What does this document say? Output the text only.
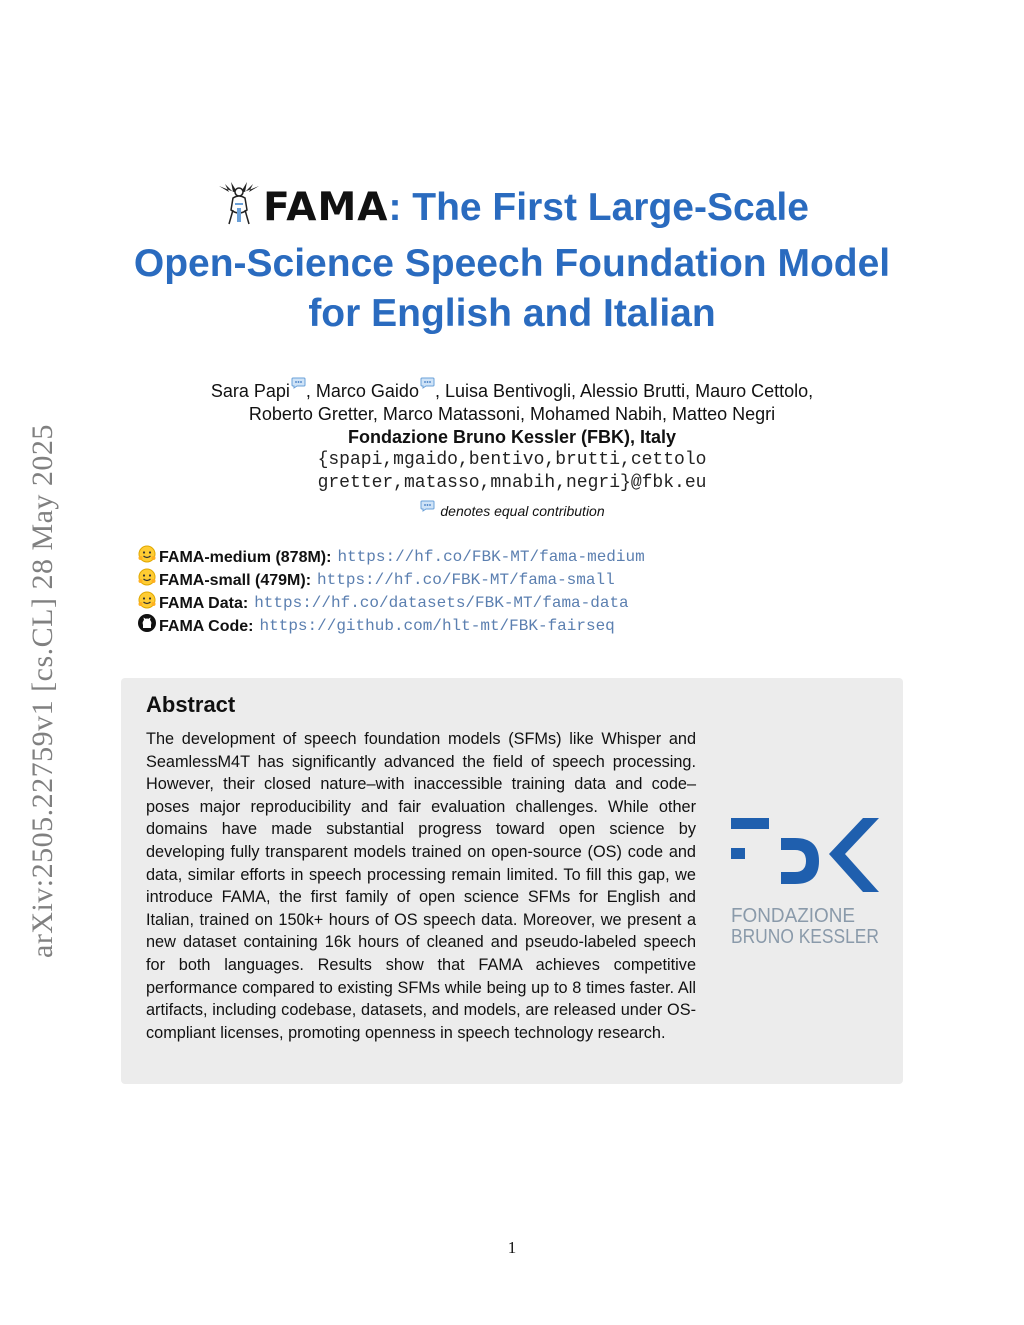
arXiv:2505.22759v1 [cs.CL] 28 May 2025
FAMA: The First Large-Scale
Open-Science Speech Foundation Model
for English and Italian
Sara Papi , Marco Gaido , Luisa Bentivogli, Alessio Brutti, Mauro Cettolo,
Roberto Gretter, Marco Matassoni, Mohamed Nabih, Matteo Negri
Fondazione Bruno Kessler (FBK), Italy
{spapi,mgaido,bentivo,brutti,cettolo
gretter,matasso,mnabih,negri}@fbk.eu
denotes equal contribution
FAMA-medium (878M): https://hf.co/FBK-MT/fama-medium
FAMA-small (479M): https://hf.co/FBK-MT/fama-small
FAMA Data: https://hf.co/datasets/FBK-MT/fama-data
FAMA Code: https://github.com/hlt-mt/FBK-fairseq
Abstract
The development of speech foundation models (SFMs) like Whisper and SeamlessM4T has significantly advanced the field of speech processing. However, their closed nature–with inaccessible training data and code–poses major reproducibility and fair evaluation challenges. While other domains have made substantial progress toward open science by developing fully transparent models trained on open-source (OS) code and data, similar efforts in speech processing remain limited. To fill this gap, we introduce FAMA, the first family of open science SFMs for English and Italian, trained on 150k+ hours of OS speech data. Moreover, we present a new dataset containing 16k hours of cleaned and pseudo-labeled speech for both languages. Results show that FAMA achieves competitive performance compared to existing SFMs while being up to 8 times faster. All artifacts, including codebase, datasets, and models, are released under OS-compliant licenses, promoting openness in speech technology research.
FONDAZIONE
BRUNO KESSLER
1
